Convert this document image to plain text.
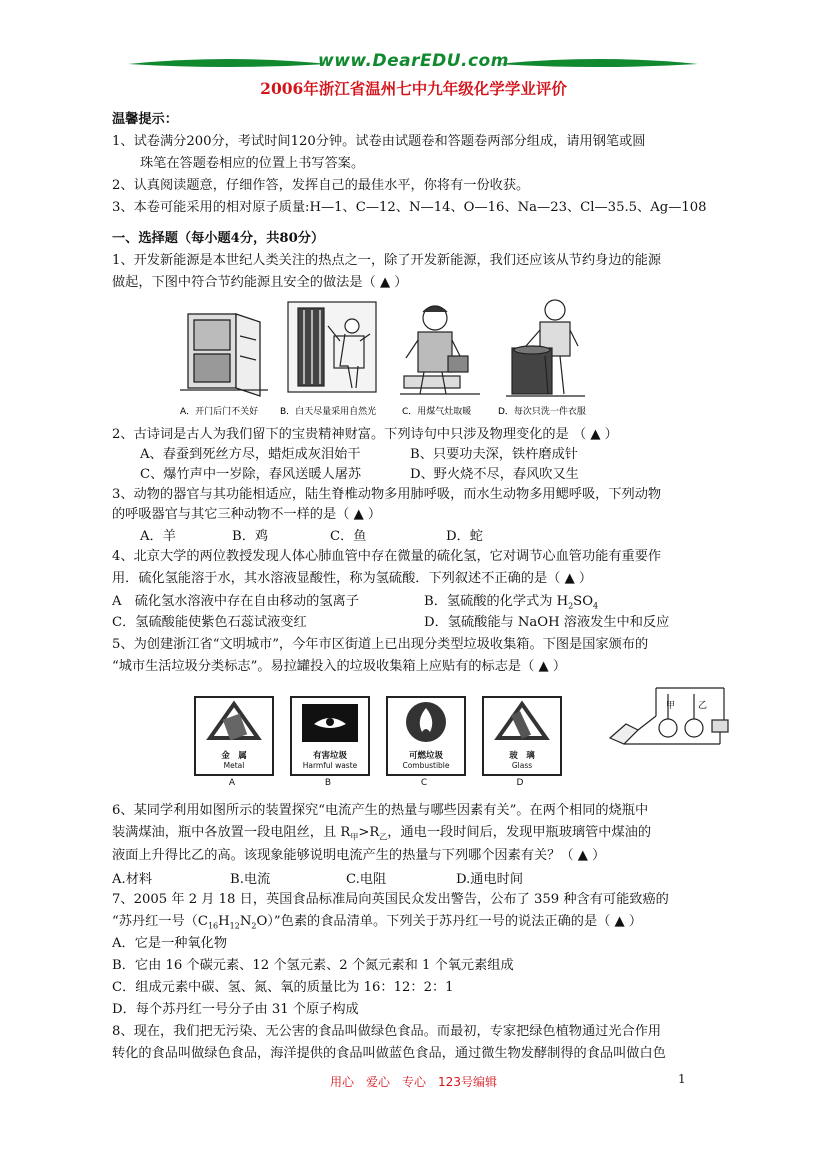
www.DearEDU.com
2006年浙江省温州七中九年级化学学业评价
温馨提示：
1、试卷满分200分，考试时间120分钟。试卷由试题卷和答题卷两部分组成，请用钢笔或圆
珠笔在答题卷相应的位置上书写答案。
2、认真阅读题意，仔细作答，发挥自己的最佳水平，你将有一份收获。
3、本卷可能采用的相对原子质量:H—1、C—12、N—14、O—16、Na—23、Cl—35.5、Ag—108
一、选择题（每小题4分，共80分）
1、开发新能源是本世纪人类关注的热点之一，除了开发新能源，我们还应该从节约身边的能源
做起，下图中符合节约能源且安全的做法是（ ▲ ）
A．开门后门不关好 B．白天尽量采用自然光	C．用煤气灶取暖	D．每次只洗一件衣服
2、古诗词是古人为我们留下的宝贵精神财富。下列诗句中只涉及物理变化的是 （ ▲ ）
A、春蚕到死丝方尽，蜡炬成灰泪始干	B、只要功夫深，铁杵磨成针
C、爆竹声中一岁除，春风送暖人屠苏	D、野火烧不尽，春风吹又生
3、动物的器官与其功能相适应，陆生脊椎动物多用肺呼吸，而水生动物多用鳃呼吸，下列动物
的呼吸器官与其它三种动物不一样的是（ ▲ ）
A．羊	B．鸡	C．鱼	D．蛇
4、北京大学的两位教授发现人体心肺血管中存在微量的硫化氢，它对调节心血管功能有重要作
用．硫化氢能溶于水，其水溶液显酸性，称为氢硫酸．下列叙述不正确的是（ ▲ ）
A　硫化氢水溶液中存在自由移动的氢离子	B．氢硫酸的化学式为 $H_2SO_4$
C．氢硫酸能使紫色石蕊试液变红	D．氢硫酸能与 NaOH 溶液发生中和反应
5、为创建浙江省“文明城市”，今年市区街道上已出现分类型垃圾收集箱。下图是国家颁布的
“城市生活垃圾分类标志”。易拉罐投入的垃圾收集箱上应贴有的标志是（ ▲ ）
金　属
Metal
有害垃圾
Harmful waste
可燃垃圾
Combustible
玻　璃
Glass
A	B	C	D
甲	乙
6、某同学利用如图所示的装置探究“电流产生的热量与哪些因素有关”。在两个相同的烧瓶中
装满煤油，瓶中各放置一段电阻丝，且 $R_甲>R_乙$，通电一段时间后，发现甲瓶玻璃管中煤油的
液面上升得比乙的高。该现象能够说明电流产生的热量与下列哪个因素有关？（ ▲ ）
A.材料	B.电流	C.电阻	D.通电时间
7、2005 年 2 月 18 日，英国食品标准局向英国民众发出警告，公布了 359 种含有可能致癌的
“苏丹红一号$(C_{16}H_{12}N_2O)$”色素的食品清单。下列关于苏丹红一号的说法正确的是（ ▲ ）
A．它是一种氧化物
B．它由 16 个碳元素、12 个氢元素、2 个氮元素和 1 个氧元素组成
C．组成元素中碳、氢、氮、氧的质量比为 16：12：2：1
D．每个苏丹红一号分子由 31 个原子构成
8、现在，我们把无污染、无公害的食品叫做绿色食品。而最初，专家把绿色植物通过光合作用
转化的食品叫做绿色食品，海洋提供的食品叫做蓝色食品，通过微生物发酵制得的食品叫做白色
用心　爱心　专心　123号编辑	1
